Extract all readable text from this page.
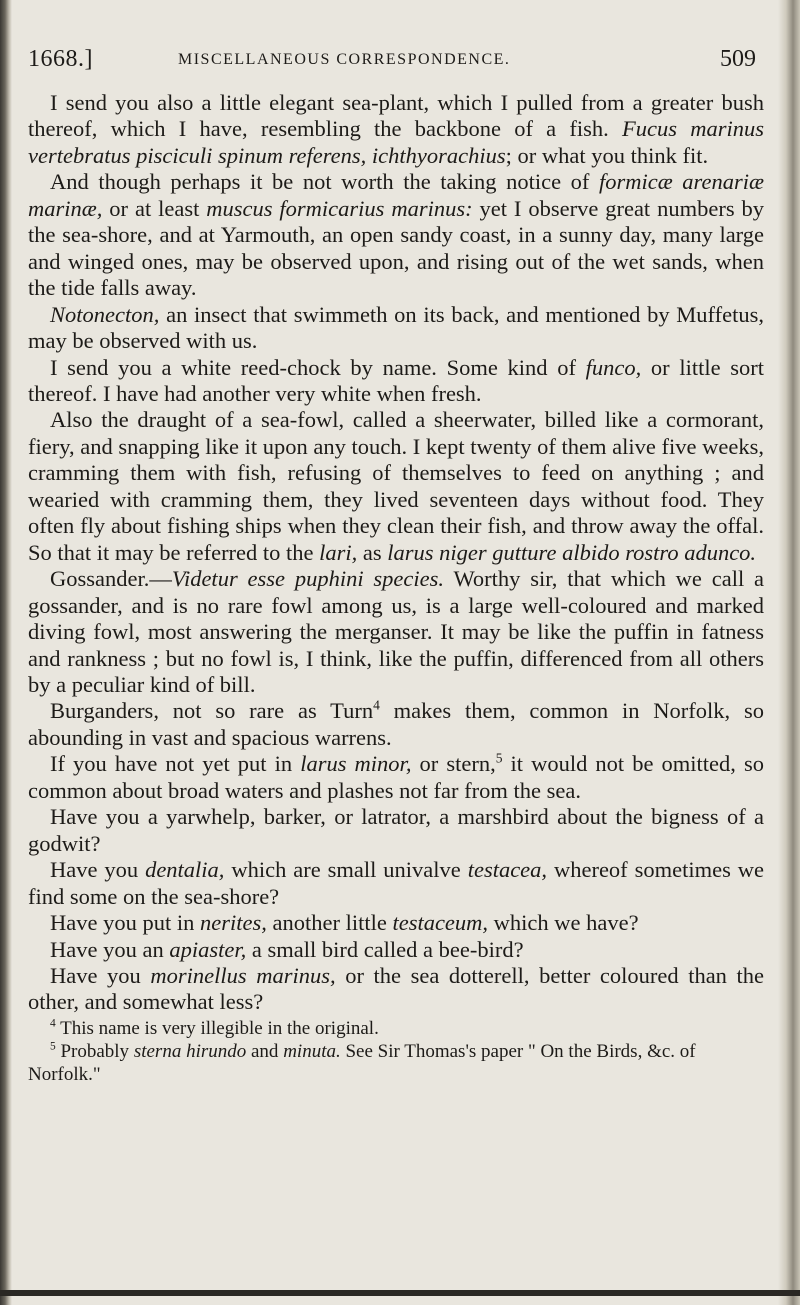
1668.]	MISCELLANEOUS CORRESPONDENCE.	509

I send you also a little elegant sea-plant, which I pulled from a greater bush thereof, which I have, resembling the backbone of a fish. Fucus marinus vertebratus pisciculi spinum referens, ichthyorachius; or what you think fit.

And though perhaps it be not worth the taking notice of formicæ arenariæ marinæ, or at least muscus formicarius marinus: yet I observe great numbers by the sea-shore, and at Yarmouth, an open sandy coast, in a sunny day, many large and winged ones, may be observed upon, and rising out of the wet sands, when the tide falls away.

Notonecton, an insect that swimmeth on its back, and mentioned by Muffetus, may be observed with us.

I send you a white reed-chock by name. Some kind of funco, or little sort thereof. I have had another very white when fresh.

Also the draught of a sea-fowl, called a sheerwater, billed like a cormorant, fiery, and snapping like it upon any touch. I kept twenty of them alive five weeks, cramming them with fish, refusing of themselves to feed on anything ; and wearied with cramming them, they lived seventeen days without food. They often fly about fishing ships when they clean their fish, and throw away the offal. So that it may be referred to the lari, as larus niger gutture albido rostro adunco.

Gossander.—Videtur esse puphini species. Worthy sir, that which we call a gossander, and is no rare fowl among us, is a large well-coloured and marked diving fowl, most answering the merganser. It may be like the puffin in fatness and rankness ; but no fowl is, I think, like the puffin, differenced from all others by a peculiar kind of bill.

Burganders, not so rare as Turn$^4$ makes them, common in Norfolk, so abounding in vast and spacious warrens.

If you have not yet put in larus minor, or stern,$^5$ it would not be omitted, so common about broad waters and plashes not far from the sea.

Have you a yarwhelp, barker, or latrator, a marshbird about the bigness of a godwit?

Have you dentalia, which are small univalve testacea, whereof sometimes we find some on the sea-shore?

Have you put in nerites, another little testaceum, which we have?

Have you an apiaster, a small bird called a bee-bird?

Have you morinellus marinus, or the sea dotterell, better coloured than the other, and somewhat less?

$^4$ This name is very illegible in the original.

$^5$ Probably sterna hirundo and minuta. See Sir Thomas's paper " On the Birds, &c. of Norfolk."
